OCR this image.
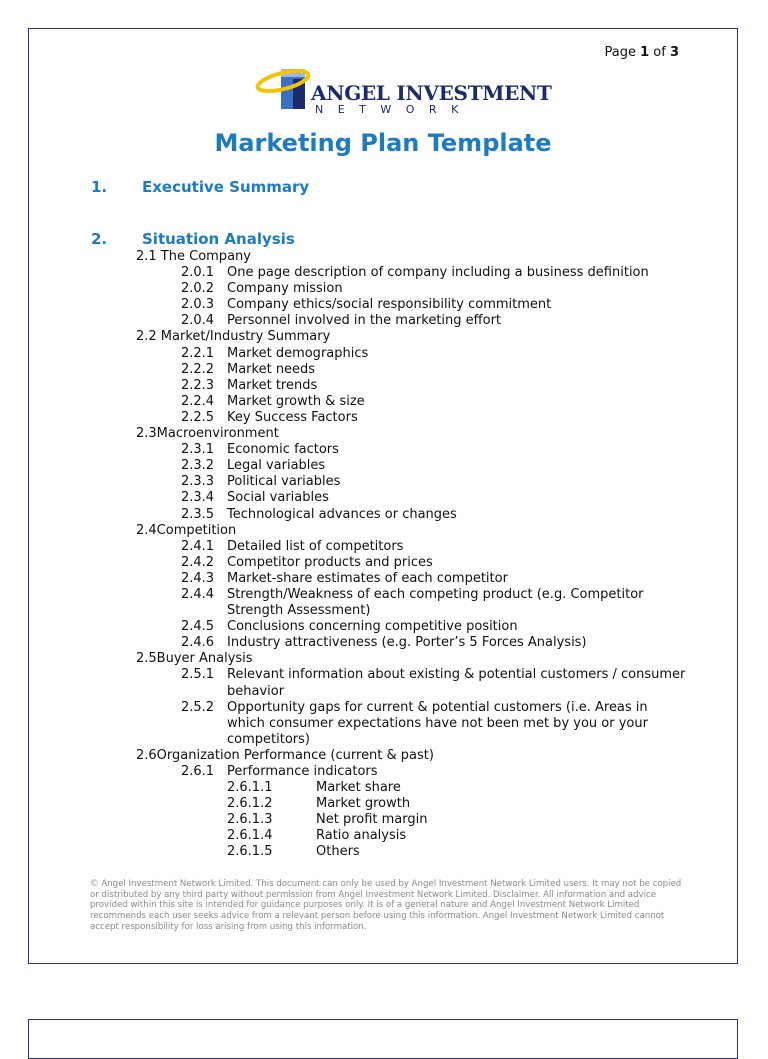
Page 1 of 3
ANGEL INVESTMENT
NETWORK
Marketing Plan Template
1. Executive Summary
2. Situation Analysis
2.1 The Company
2.0.1 One page description of company including a business definition
2.0.2 Company mission
2.0.3 Company ethics/social responsibility commitment
2.0.4 Personnel involved in the marketing effort
2.2 Market/Industry Summary
2.2.1 Market demographics
2.2.2 Market needs
2.2.3 Market trends
2.2.4 Market growth & size
2.2.5 Key Success Factors
2.3Macroenvironment
2.3.1 Economic factors
2.3.2 Legal variables
2.3.3 Political variables
2.3.4 Social variables
2.3.5 Technological advances or changes
2.4Competition
2.4.1 Detailed list of competitors
2.4.2 Competitor products and prices
2.4.3 Market-share estimates of each competitor
2.4.4 Strength/Weakness of each competing product (e.g. Competitor Strength Assessment)
2.4.5 Conclusions concerning competitive position
2.4.6 Industry attractiveness (e.g. Porter’s 5 Forces Analysis)
2.5Buyer Analysis
2.5.1 Relevant information about existing & potential customers / consumer behavior
2.5.2 Opportunity gaps for current & potential customers (i.e. Areas in which consumer expectations have not been met by you or your competitors)
2.6Organization Performance (current & past)
2.6.1 Performance indicators
2.6.1.1	Market share
2.6.1.2	Market growth
2.6.1.3	Net profit margin
2.6.1.4	Ratio analysis
2.6.1.5	Others
© Angel Investment Network Limited. This document can only be used by Angel Investment Network Limited users. It may not be copied or distributed by any third party without permission from Angel Investment Network Limited. Disclaimer. All information and advice provided within this site is intended for guidance purposes only. It is of a general nature and Angel Investment Network Limited recommends each user seeks advice from a relevant person before using this information. Angel Investment Network Limited cannot accept responsibility for loss arising from using this information.
